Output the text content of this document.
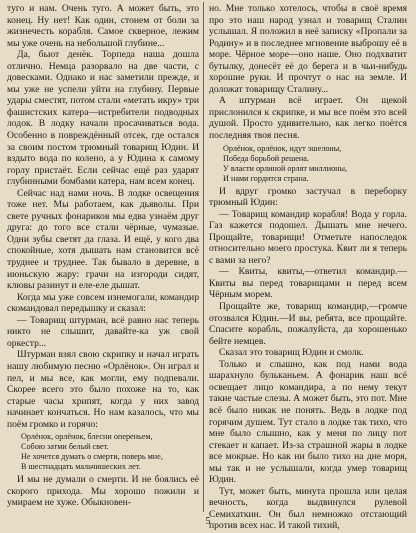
туго и нам. Очень туго. А может быть, это конец. Ну нет! Как один, стонем от боли за жизнечесть корабля. Самое скверное, лежим мы уже очень на небольшой глубине...

Да, бьют денёк. Торпеда наша дошла отлично. Немца разорвало на две части, с довесками. Однако и нас заметили прежде, и мы уже не успели уйти на глубину. Первые удары сместят, потом стали «метать икру» три фашистских катера—истребители подводных лодок. В лодку начали просачиваться вода. Особенно в повреждённый отсек, где остался за своим постом трюмный товарищ Юдин. И вздыто вода по колено, а у Юдина к самому горлу пристаёт. Если сейчас ещё раз ударят глубинными бомбами катера, нам всем конец.

Сейчас над нами ночь. В лодке освещения тоже нет. Мы работаем, как дьяволы. При свете ручных фонариков мы едва узнаём друг друга: до того все стали чёрные, чумазые. Одни зубы светят да глаза. И ещё, у кого два спокойные, хотя дышать нам становится всё труднее и труднее. Так бывало в деревне, в июньскую жару: грачи на изгороди сидят, клювы разинут и еле-еле дышат.

Когда мы уже совсем изнемогали, командир скомандовал передышку и сказал:

— Товарищ штурман, всё равно нас теперь никто не слышит, давайте-ка уж свой оркестр...

Штурман взял свою скрипку и начал играть нашу любимую песню «Орлёнок». Он играл и пел, и мы все, как могли, ему подпевали. Скорее всего это было похоже на то, как старые часы хрипят, когда у них завод начинает кончаться. Но нам казалось, что мы поём громко и горячо:

Орлёнок, орлёнок, блесни опереньем,
Собою затми белый свет.
Не хочется думать о смерти, поверь мне,
В шестнадцать мальчишеских лет.

И мы не думали о смерти. И не боялись её скорого прихода. Мы хорошо пожили и умираем не хуже. Обыкновен-

но. Мне только хотелось, чтобы в своё время про это наш народ узнал и товарищ Сталин услышал. Я положил в неё записку «Пропали за Родину» и в последнее мгновение выброшу её в море. Чёрное море—оно наше. Оно подхватит бутылку, донесёт её до берега и в чьи-нибудь хорошие руки. И прочтут о нас на земле. И доложат товарищу Сталину...

А штурман всё играет. Он щекой прислонился к скрипке, и мы все поём это всей душой. Просто удивительно, как легко поётся последняя твоя песня.

Орлёнок, орлёнок, идут эшелоны,
Победа борьбой решена.
У власти орлиной орлят миллионы,
И нами гордится страна.

И вдруг громко застучал в переборку трюмный Юдин:

— Товарищ командир корабля! Вода у горла. Газ кажется подошел. Дышать мне нечего. Прощайте, товарищи! Отметьте напоследок относительно моего простука. Квит ли я теперь с вами за него?

— Квиты, квиты,—ответил командир.—Квиты вы перед товарищами и перед всем Чёрным морем.

Прощайте же, товарищ командир,—громче отозвался Юдин.—И вы, ребята, все прощайте. Спасите корабль, пожалуйста, да хорошенько бейте немцев.

Сказал это товарищ Юдин и смолк.

Только и слышно, как под нами вода шарахнуло бульканьем. А фонарик наш всё освещает лицо командира, а по нему текут такие частые слезы. А может быть, это пот. Мне всё было никак не понять. Ведь в лодке под горячим душем. Тут стало в лодке так тихо, что мне было слышно, как у меня по лицу пот стекает и капает. Из-за страшной жары в лодке все мокрые. Но как ни было тихо на дне моря, мы так и не услышали, когда умер товарищ Юдин.

Тут, может быть, минута прошла или целая вечность, когда выдвинулся рулевой Семихаткин. Он был немножко отстающий против всех нас. И такой тихий,

5
